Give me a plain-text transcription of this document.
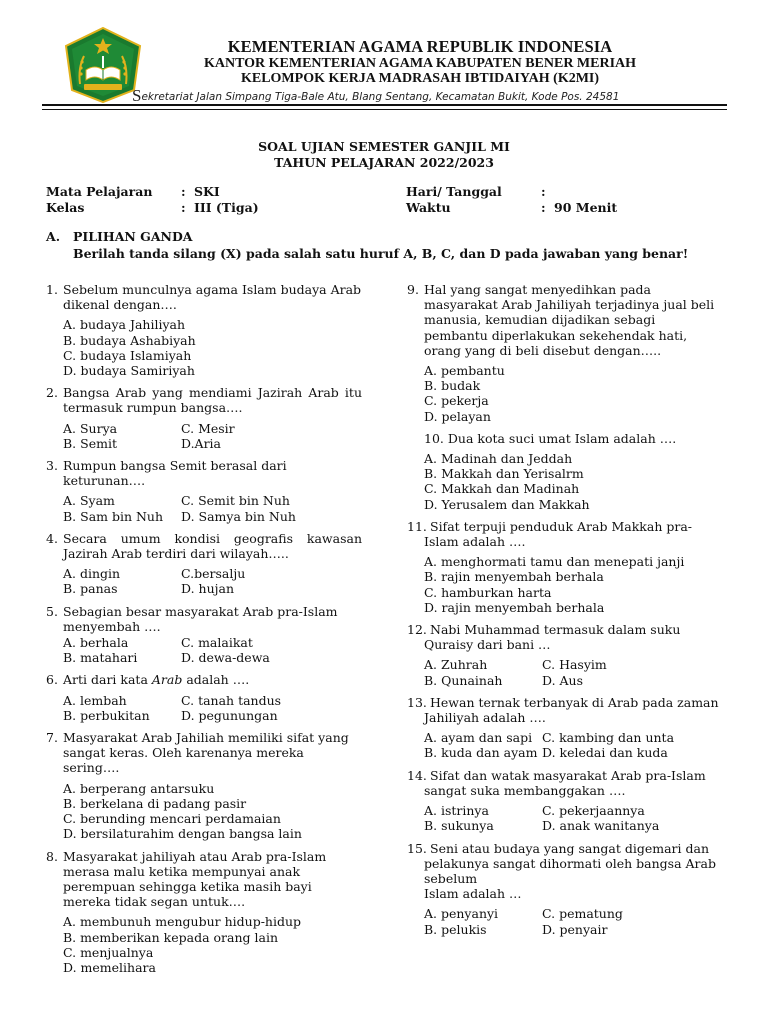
KEMENTERIAN AGAMA REPUBLIK INDONESIA
KANTOR KEMENTERIAN AGAMA KABUPATEN BENER MERIAH
KELOMPOK KERJA MADRASAH IBTIDAIYAH (K2MI)
Sekretariat Jalan Simpang Tiga-Bale Atu, Blang Sentang, Kecamatan Bukit, Kode Pos. 24581
SOAL UJIAN SEMESTER GANJIL MI
TAHUN PELAJARAN 2022/2023
Mata Pelajaran : SKI	Hari/ Tanggal	:
Kelas	: III (Tiga)	Waktu	: 90 Menit
A. PILIHAN GANDA
Berilah tanda silang (X) pada salah satu huruf A, B, C, dan D pada jawaban yang benar!
1. Sebelum munculnya agama Islam budaya Arab dikenal dengan….
A. budaya Jahiliyah
B. budaya Ashabiyah
C. budaya Islamiyah
D. budaya Samiriyah
2. Bangsa Arab yang mendiami Jazirah Arab itu termasuk rumpun bangsa….
A. Surya	C. Mesir
B. Semit	D.Aria
3. Rumpun bangsa Semit berasal dari keturunan….
A. Syam	C. Semit bin Nuh
B. Sam bin Nuh	D. Samya bin Nuh
4. Secara umum kondisi geografis kawasan Jazirah Arab terdiri dari wilayah…..
A. dingin	C.bersalju
B. panas	D. hujan
5. Sebagian besar masyarakat Arab pra-Islam menyembah ….
A. berhala	C. malaikat
B. matahari	D. dewa-dewa
6. Arti dari kata Arab adalah ….
A. lembah	C. tanah tandus
B. perbukitan	D. pegunungan
7. Masyarakat Arab Jahiliah memiliki sifat yang sangat keras. Oleh karenanya mereka sering….
A. berperang antarsuku
B. berkelana di padang pasir
C. berunding mencari perdamaian
D. bersilaturahim dengan bangsa lain
8. Masyarakat jahiliyah atau Arab pra-Islam merasa malu ketika mempunyai anak perempuan sehingga ketika masih bayi mereka tidak segan untuk….
A. membunuh mengubur hidup-hidup
B. memberikan kepada orang lain
C. menjualnya
D. memelihara
9. Hal yang sangat menyedihkan pada masyarakat Arab Jahiliyah terjadinya jual beli manusia, kemudian dijadikan sebagi pembantu diperlakukan sekehendak hati, orang yang di beli disebut dengan…..
A. pembantu
B. budak
C. pekerja
D. pelayan
10. Dua kota suci umat Islam adalah ….
A. Madinah dan Jeddah
B. Makkah dan Yerisalrm
C. Makkah dan Madinah
D. Yerusalem dan Makkah
11. Sifat terpuji penduduk Arab Makkah pra-Islam adalah ….
A. menghormati tamu dan menepati janji
B. rajin menyembah berhala
C. hamburkan harta
D. rajin menyembah berhala
12. Nabi Muhammad termasuk dalam suku Quraisy dari bani …
A. Zuhrah	C. Hasyim
B. Qunainah	D. Aus
13. Hewan ternak terbanyak di Arab pada zaman Jahiliyah adalah ….
A. ayam dan sapi C. kambing dan unta
B. kuda dan ayam D. keledai dan kuda
14. Sifat dan watak masyarakat Arab pra-Islam sangat suka membanggakan ….
A. istrinya	C. pekerjaannya
B. sukunya	D. anak wanitanya
15. Seni atau budaya yang sangat digemari dan pelakunya sangat dihormati oleh bangsa Arab sebelum
Islam adalah …
A. penyanyi	C. pematung
B. pelukis	D. penyair
